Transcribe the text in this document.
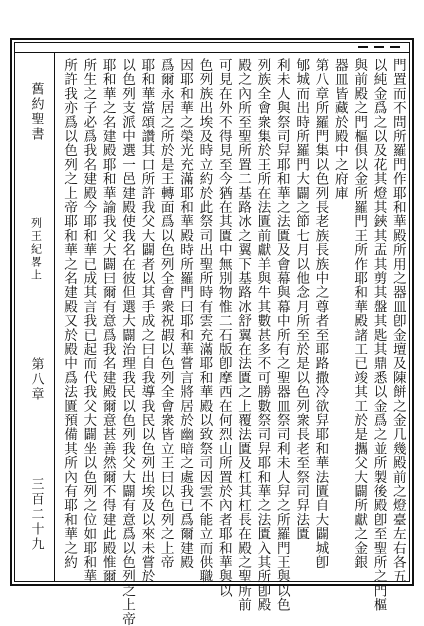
舊約聖書
列王紀畧上
第八章
三百二十九	門置而不問所羅門作耶和華殿所用之器皿卽金壇及陳餅之金几幾殿前之燈臺左右各五
以純金爲之以及花其燈其鋏其盂其剪其盤其匙其鼎悉以金爲之並所製後殿卽至聖所之門樞
與前殿之門樞俱以金所羅門王所作耶和華殿諸工已竣其工於是攜父大闢所獻之金銀
器皿皆藏於殿中之府庫
第八章所羅門集以色列長老族長族中之尊者至耶路撒冷欲舁耶和華法匱自大闢城卽
郇城而出時所羅門大闢之節七月以他念月所至於是以色列衆長老至祭司舁法匱
利未人與祭司舁耶和華之法匱及會幕與幕中所有之聖器皿祭司利未人舁之所羅門王與以色
列族全會衆集於王所在法匱前獻羊與牛其數甚多不可勝數祭司舁耶和華之法匱入其所卽殿
殿之內所至聖所置二基路冰之翼下基路冰舒翼在法匱之上覆法匱及杠其杠長在殿之聖所前
可見在外不得見至今猶在其匱中無別物惟二石版卽摩西在何烈山所置於內者耶和華與以
色列族出埃及時立約於此祭司出聖所時有雲充滿耶和華殿以致祭司因雲不能立而供職
因耶和華之榮光充滿耶和華殿時所羅門曰耶和華嘗言將居於幽暗之處我已爲爾建殿
爲爾永居之所於是王轉面爲以色列全會衆祝嘏以色列全會衆皆立王曰以色列之上帝
耶和華當頌讚其口所許我父大闢者以其手成之曰自我導我民以色列出埃及以來未嘗於
以色列支派中選一邑建殿使我名在彼但選大闢治理我民以色列我父大闢有意爲以色列之上帝
耶和華之名建殿耶和華諭我父大闢曰爾有意爲我名建殿爾意甚善然爾不得建此殿惟爾
所生之子必爲我名建殿今耶和華已成其言我已起而代我父大闢坐以色列之位如耶和華
所許我亦爲以色列之上帝耶和華之名建殿又於殿中爲法匱預備其所內有耶和華之約
